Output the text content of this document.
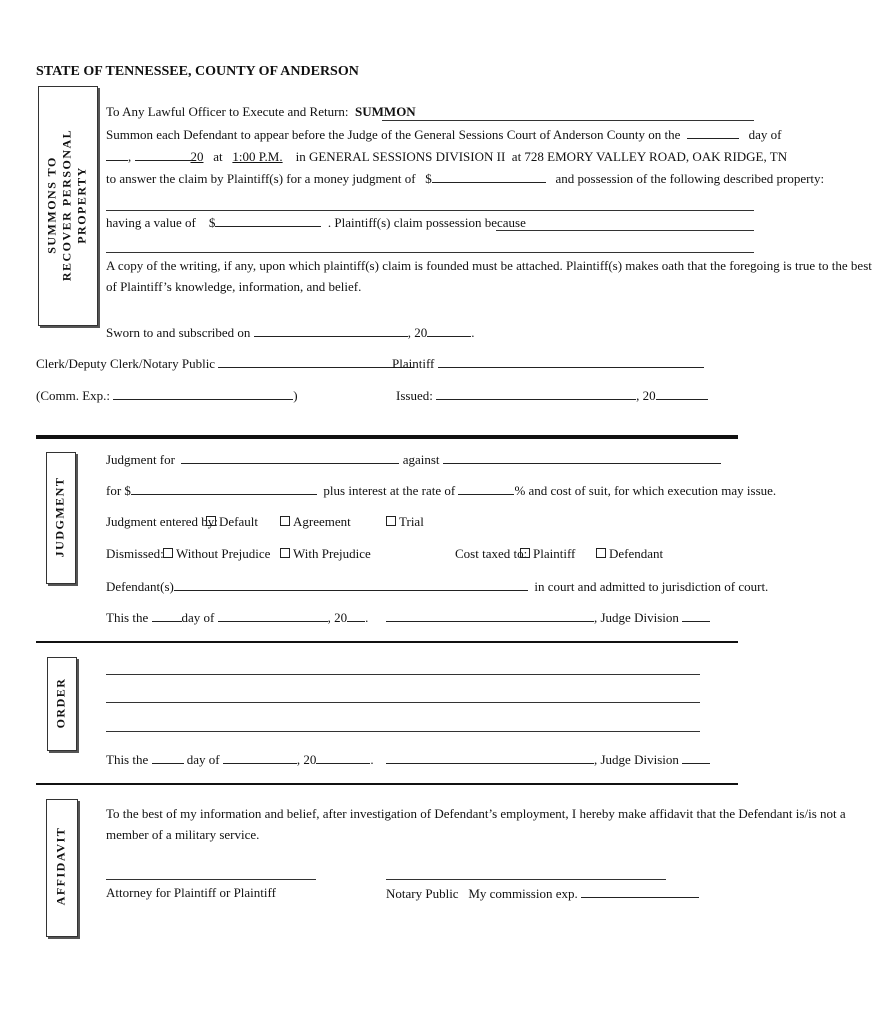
STATE OF TENNESSEE, COUNTY OF ANDERSON
SUMMONS TO RECOVER PERSONAL PROPERTY
To Any Lawful Officer to Execute and Return: SUMMON
Summon each Defendant to appear before the Judge of the General Sessions Court of Anderson County on the	day of
,	20 at 1:00 P.M. in GENERAL SESSIONS DIVISION II at 728 EMORY VALLEY ROAD, OAK RIDGE, TN
to answer the claim by Plaintiff(s) for a money judgment of $	and possession of the following described property:
having a value of $	. Plaintiff(s) claim possession because
A copy of the writing, if any, upon which plaintiff(s) claim is founded must be attached. Plaintiff(s) makes oath that the foregoing is true to the best
of Plaintiff’s knowledge, information, and belief.
Sworn to and subscribed on	, 20	.
Clerk/Deputy Clerk/Notary Public	Plaintiff
(Comm. Exp.:	)	Issued:	, 20
JUDGMENT
Judgment for	against
for $	plus interest at the rate of	% and cost of suit, for which execution may issue.
Judgment entered by: Default	Agreement	Trial
Dismissed: Without Prejudice	With Prejudice	Cost taxed to: Plaintiff	Defendant
Defendant(s)	in court and admitted to jurisdiction of court.
This the	day of	, 20 .	, Judge Division
ORDER
This the	day of	, 20	.	, Judge Division
AFFIDAVIT
To the best of my information and belief, after investigation of Defendant’s employment, I hereby make affidavit that the Defendant is/is not a
member of a military service.
Attorney for Plaintiff or Plaintiff	Notary Public My commission exp.
